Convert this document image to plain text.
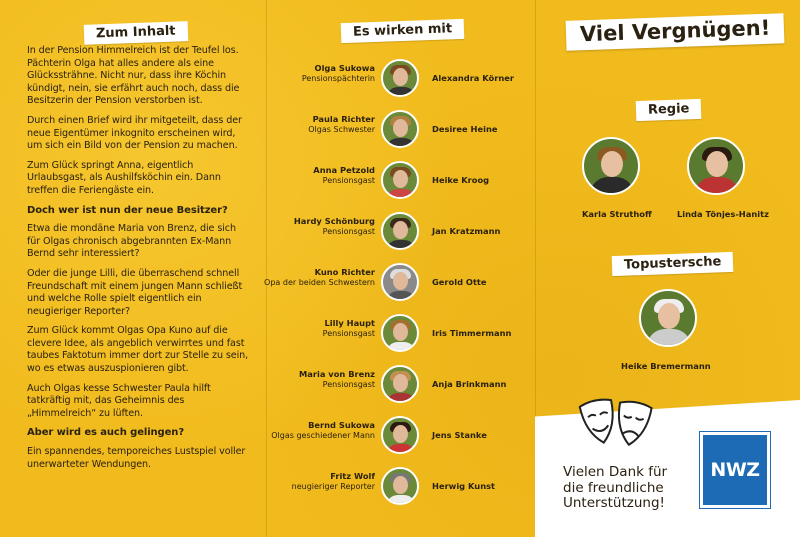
Zum Inhalt

In der Pension Himmelreich ist der Teufel los. Pächterin Olga hat alles andere als eine Glückssträhne. Nicht nur, dass ihre Köchin kündigt, nein, sie erfährt auch noch, dass die Besitzerin der Pension verstorben ist.

Durch einen Brief wird ihr mitgeteilt, dass der neue Eigentümer inkognito erscheinen wird, um sich ein Bild von der Pension zu machen.

Zum Glück springt Anna, eigentlich Urlaubsgast, als Aushilfsköchin ein. Dann treffen die Feriengäste ein.

Doch wer ist nun der neue Besitzer?

Etwa die mondäne Maria von Brenz, die sich für Olgas chronisch abgebrannten Ex-Mann Bernd sehr interessiert?

Oder die junge Lilli, die überraschend schnell Freundschaft mit einem jungen Mann schließt und welche Rolle spielt eigentlich ein neugieriger Reporter?

Zum Glück kommt Olgas Opa Kuno auf die clevere Idee, als angeblich verwirrtes und fast taubes Faktotum immer dort zur Stelle zu sein, wo es etwas auszuspionieren gibt.

Auch Olgas kesse Schwester Paula hilft tatkräftig mit, das Geheimnis des „Himmelreich“ zu lüften.

Aber wird es auch gelingen?

Ein spannendes, temporeiches Lustspiel voller unerwarteter Wendungen.

Es wirken mit
Olga Sukowa
Pensionspächterin	Alexandra Körner
Paula Richter
Olgas Schwester	Desiree Heine
Anna Petzold
Pensionsgast	Heike Kroog
Hardy Schönburg
Pensionsgast	Jan Kratzmann
Kuno Richter
Opa der beiden Schwestern	Gerold Otte
Lilly Haupt
Pensionsgast	Iris Timmermann
Maria von Brenz
Pensionsgast	Anja Brinkmann
Bernd Sukowa
Olgas geschiedener Mann	Jens Stanke
Fritz Wolf
neugieriger Reporter	Herwig Kunst
Viel Vergnügen!
Regie
Karla Struthoff	Linda Tönjes-Hanitz
Topustersche
Heike Bremermann
Vielen Dank für
die freundliche
Unterstützung!
NWZ
